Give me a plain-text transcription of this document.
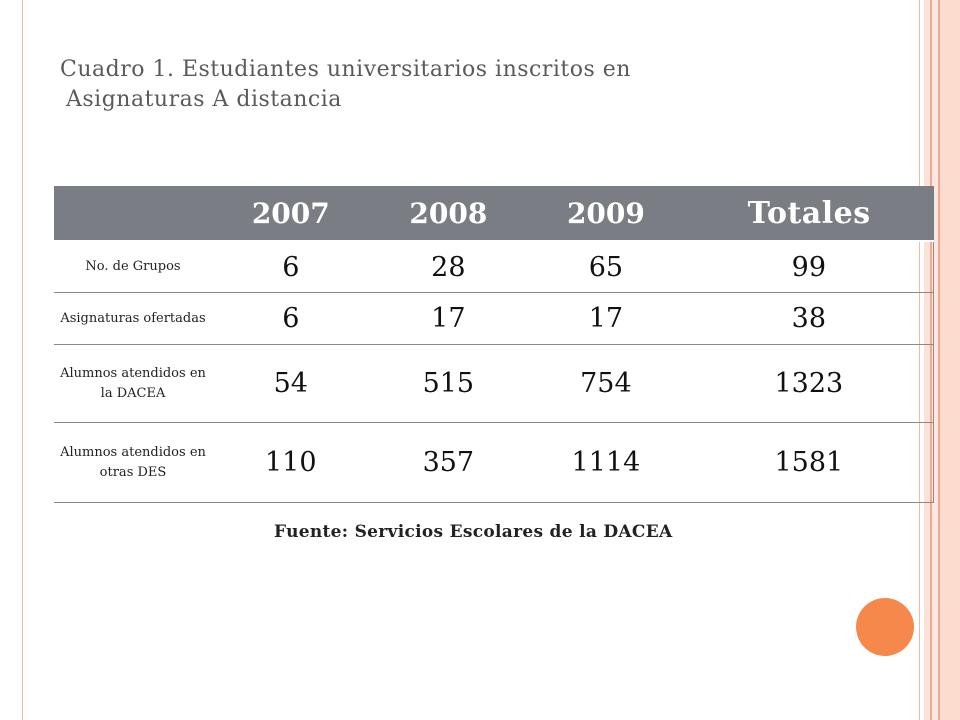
Cuadro 1. Estudiantes universitarios inscritos en
Asignaturas A distancia
	2007	2008	2009	Totales
No. de Grupos	6	28	65	99
Asignaturas ofertadas	6	17	17	38
Alumnos atendidos en la DACEA	54	515	754	1323
Alumnos atendidos en otras DES	110	357	1114	1581
Fuente: Servicios Escolares de la DACEA
